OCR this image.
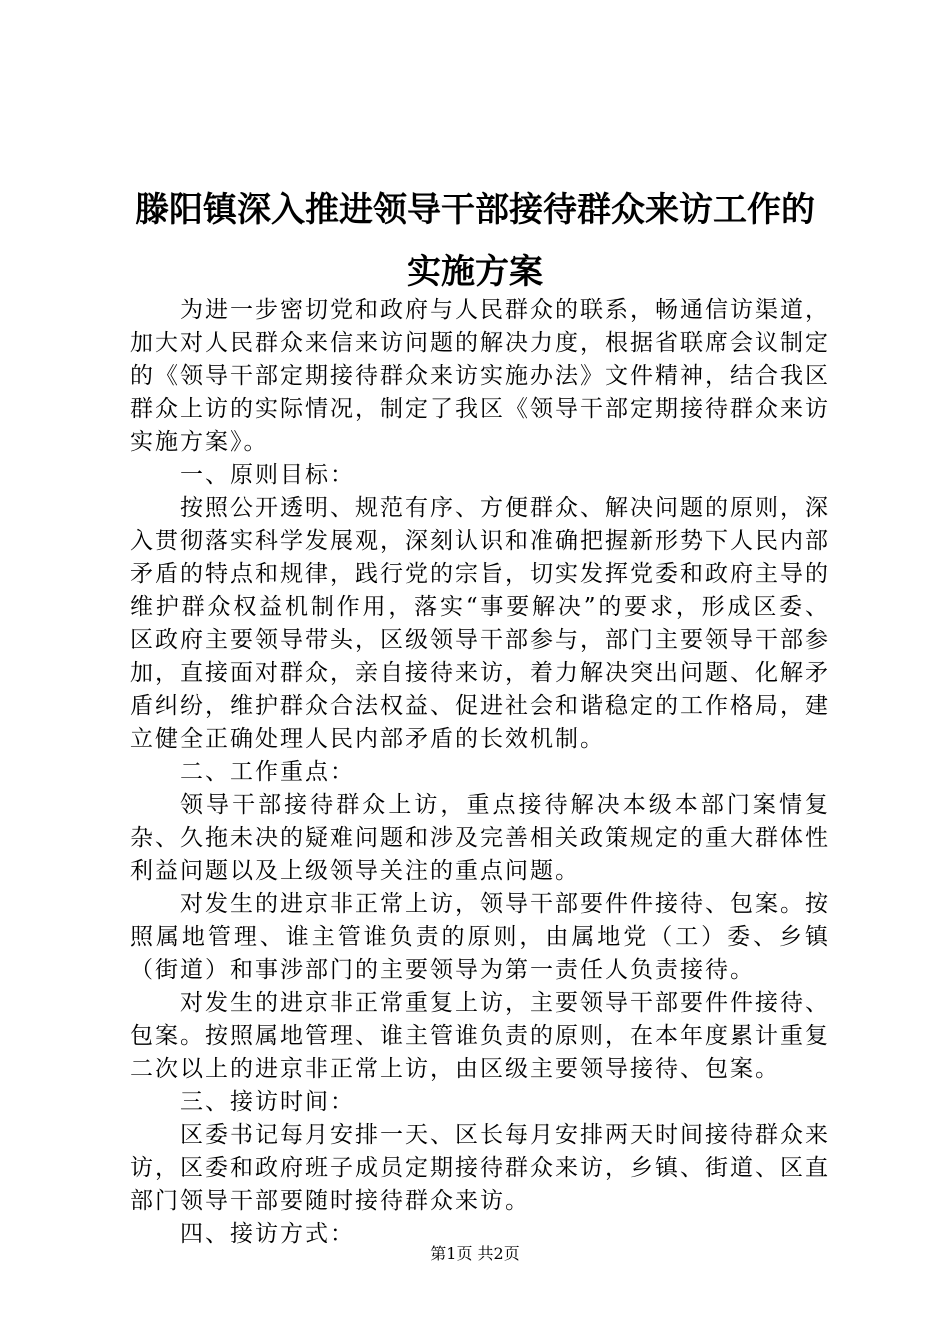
滕阳镇深入推进领导干部接待群众来访工作的
实施方案

为进一步密切党和政府与人民群众的联系，畅通信访渠道，加大对人民群众来信来访问题的解决力度，根据省联席会议制定的《领导干部定期接待群众来访实施办法》文件精神，结合我区群众上访的实际情况，制定了我区《领导干部定期接待群众来访实施方案》。

一、原则目标：

按照公开透明、规范有序、方便群众、解决问题的原则，深入贯彻落实科学发展观，深刻认识和准确把握新形势下人民内部矛盾的特点和规律，践行党的宗旨，切实发挥党委和政府主导的维护群众权益机制作用，落实“事要解决”的要求，形成区委、区政府主要领导带头，区级领导干部参与，部门主要领导干部参加，直接面对群众，亲自接待来访，着力解决突出问题、化解矛盾纠纷，维护群众合法权益、促进社会和谐稳定的工作格局，建立健全正确处理人民内部矛盾的长效机制。

二、工作重点：

领导干部接待群众上访，重点接待解决本级本部门案情复杂、久拖未决的疑难问题和涉及完善相关政策规定的重大群体性利益问题以及上级领导关注的重点问题。

对发生的进京非正常上访，领导干部要件件接待、包案。按照属地管理、谁主管谁负责的原则，由属地党（工）委、乡镇（街道）和事涉部门的主要领导为第一责任人负责接待。

对发生的进京非正常重复上访，主要领导干部要件件接待、包案。按照属地管理、谁主管谁负责的原则，在本年度累计重复二次以上的进京非正常上访，由区级主要领导接待、包案。

三、接访时间：

区委书记每月安排一天、区长每月安排两天时间接待群众来访，区委和政府班子成员定期接待群众来访，乡镇、街道、区直部门领导干部要随时接待群众来访。

四、接访方式：

第1页 共2页
